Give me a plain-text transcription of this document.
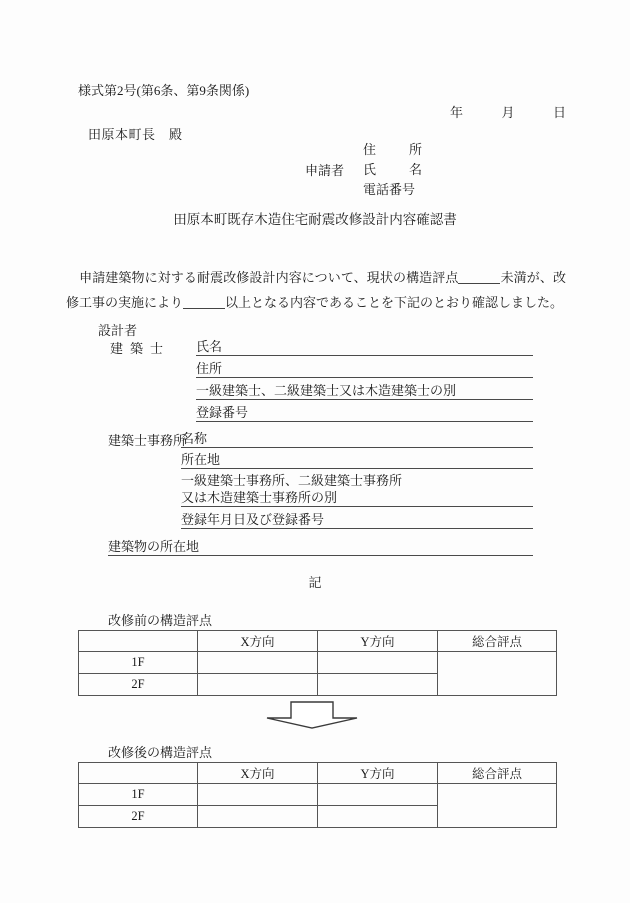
様式第2号(第6条、第9条関係)
年	月	日
田原本町長　殿
申請者
住　所
氏　名
電話番号
田原本町既存木造住宅耐震改修設計内容確認書
　申請建築物に対する耐震改修設計内容について、現状の構造評点	未満が、改修工事の実施により	以上となる内容であることを下記のとおり確認しました。
設計者
建築士 氏名
住所
一級建築士、二級建築士又は木造建築士の別
登録番号
建築士事務所
名称
所在地
一級建築士事務所、二級建築士事務所
又は木造建築士事務所の別
登録年月日及び登録番号
建築物の所在地
記
改修前の構造評点
	X方向	Y方向	総合評点
1F			
2F			
改修後の構造評点
	X方向	Y方向	総合評点
1F			
2F			
